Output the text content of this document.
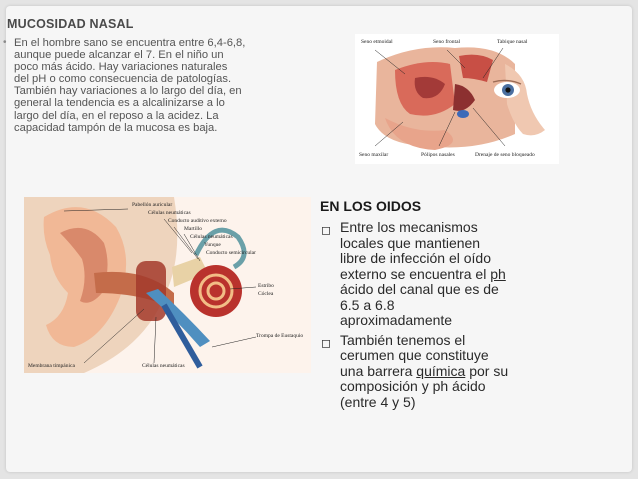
MUCOSIDAD NASAL
• En el hombre sano se encuentra entre 6,4-6,8,
aunque puede alcanzar el 7. En el niño un
poco más ácido. Hay variaciones naturales
del pH o como consecuencia de patologías.
También hay variaciones a lo largo del día, en
general la tendencia es a alcalinizarse a lo
largo del día, en el reposo a la acidez. La
capacidad tampón de la mucosa es baja.
Seno etmoidal	Seno frontal	Tabique nasal
Seno maxilar	Pólipos nasales	Drenaje de seno bloqueado
Pabellón auricular
Células neumáticas
Conducto auditivo externo
Martillo
Células neumáticas
Yunque
Conducto semicircular
Estribo
Cóclea
Trompa de Eustaquio
Membrana timpánica	Células neumáticas
EN LOS OIDOS
◻ Entre los mecanismos
locales que mantienen
libre de infección el oído
externo se encuentra el ph
ácido del canal que es de
6.5 a 6.8
aproximadamente
◻ También tenemos el
cerumen que constituye
una barrera química por su
composición y ph ácido
(entre 4 y 5)
